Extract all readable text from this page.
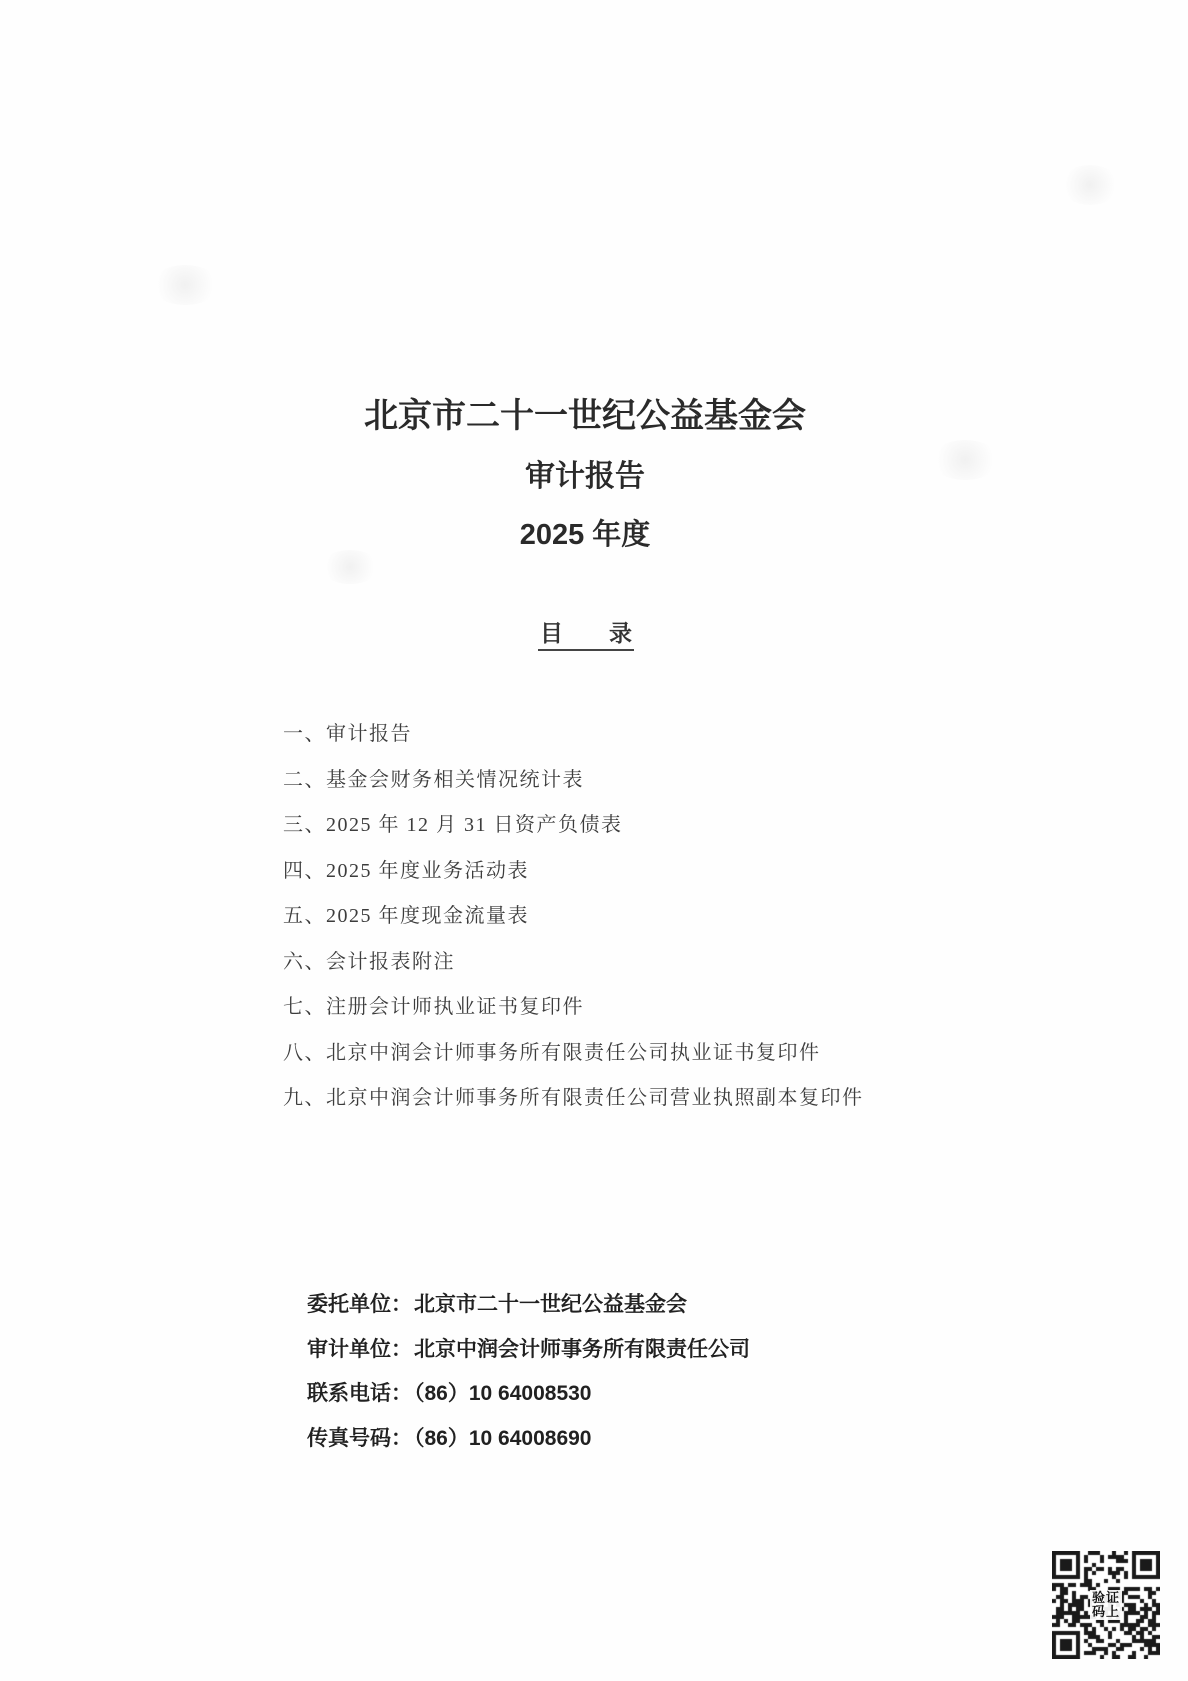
北京市二十一世纪公益基金会
审计报告
2025 年度
目　　录
一、审计报告
二、基金会财务相关情况统计表
三、2025 年 12 月 31 日资产负债表
四、2025 年度业务活动表
五、2025 年度现金流量表
六、会计报表附注
七、注册会计师执业证书复印件
八、北京中润会计师事务所有限责任公司执业证书复印件
九、北京中润会计师事务所有限责任公司营业执照副本复印件
委托单位：北京市二十一世纪公益基金会
审计单位：北京中润会计师事务所有限责任公司
联系电话：（86）10 64008530
传真号码：（86）10 64008690
验证
码上
